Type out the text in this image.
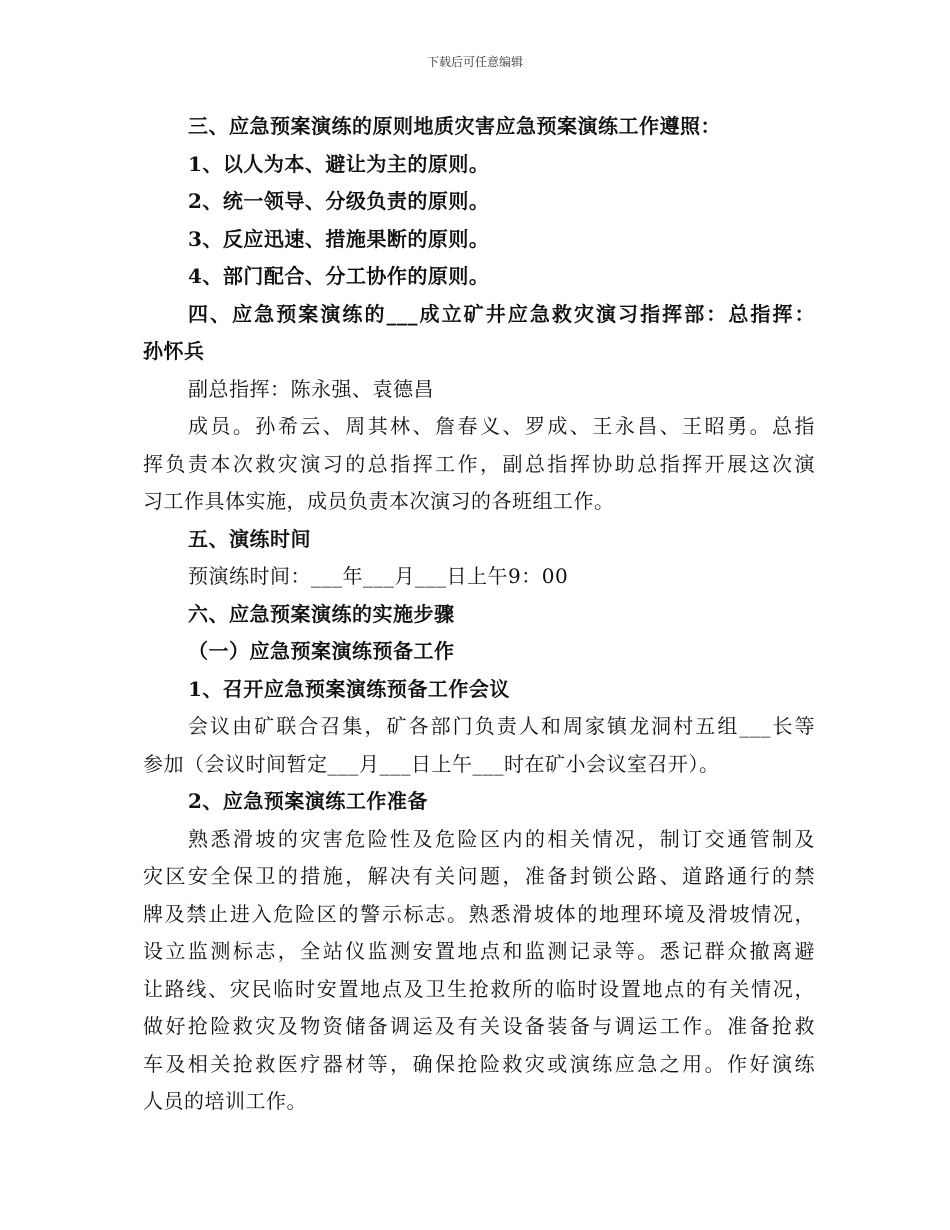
下载后可任意编辑
三、应急预案演练的原则地质灾害应急预案演练工作遵照：
1、以人为本、避让为主的原则。
2、统一领导、分级负责的原则。
3、反应迅速、措施果断的原则。
4、部门配合、分工协作的原则。
四、应急预案演练的___成立矿井应急救灾演习指挥部：总指挥：
孙怀兵
副总指挥：陈永强、袁德昌
成员。孙希云、周其林、詹春义、罗成、王永昌、王昭勇。总指
挥负责本次救灾演习的总指挥工作，副总指挥协助总指挥开展这次演
习工作具体实施，成员负责本次演习的各班组工作。
五、演练时间
预演练时间：___年___月___日上午9：00
六、应急预案演练的实施步骤
（一）应急预案演练预备工作
1、召开应急预案演练预备工作会议
会议由矿联合召集，矿各部门负责人和周家镇龙洞村五组___长等
参加（会议时间暂定___月___日上午___时在矿小会议室召开）。
2、应急预案演练工作准备
熟悉滑坡的灾害危险性及危险区内的相关情况，制订交通管制及
灾区安全保卫的措施，解决有关问题，准备封锁公路、道路通行的禁
牌及禁止进入危险区的警示标志。熟悉滑坡体的地理环境及滑坡情况，
设立监测标志，全站仪监测安置地点和监测记录等。悉记群众撤离避
让路线、灾民临时安置地点及卫生抢救所的临时设置地点的有关情况，
做好抢险救灾及物资储备调运及有关设备装备与调运工作。准备抢救
车及相关抢救医疗器材等，确保抢险救灾或演练应急之用。作好演练
人员的培训工作。
